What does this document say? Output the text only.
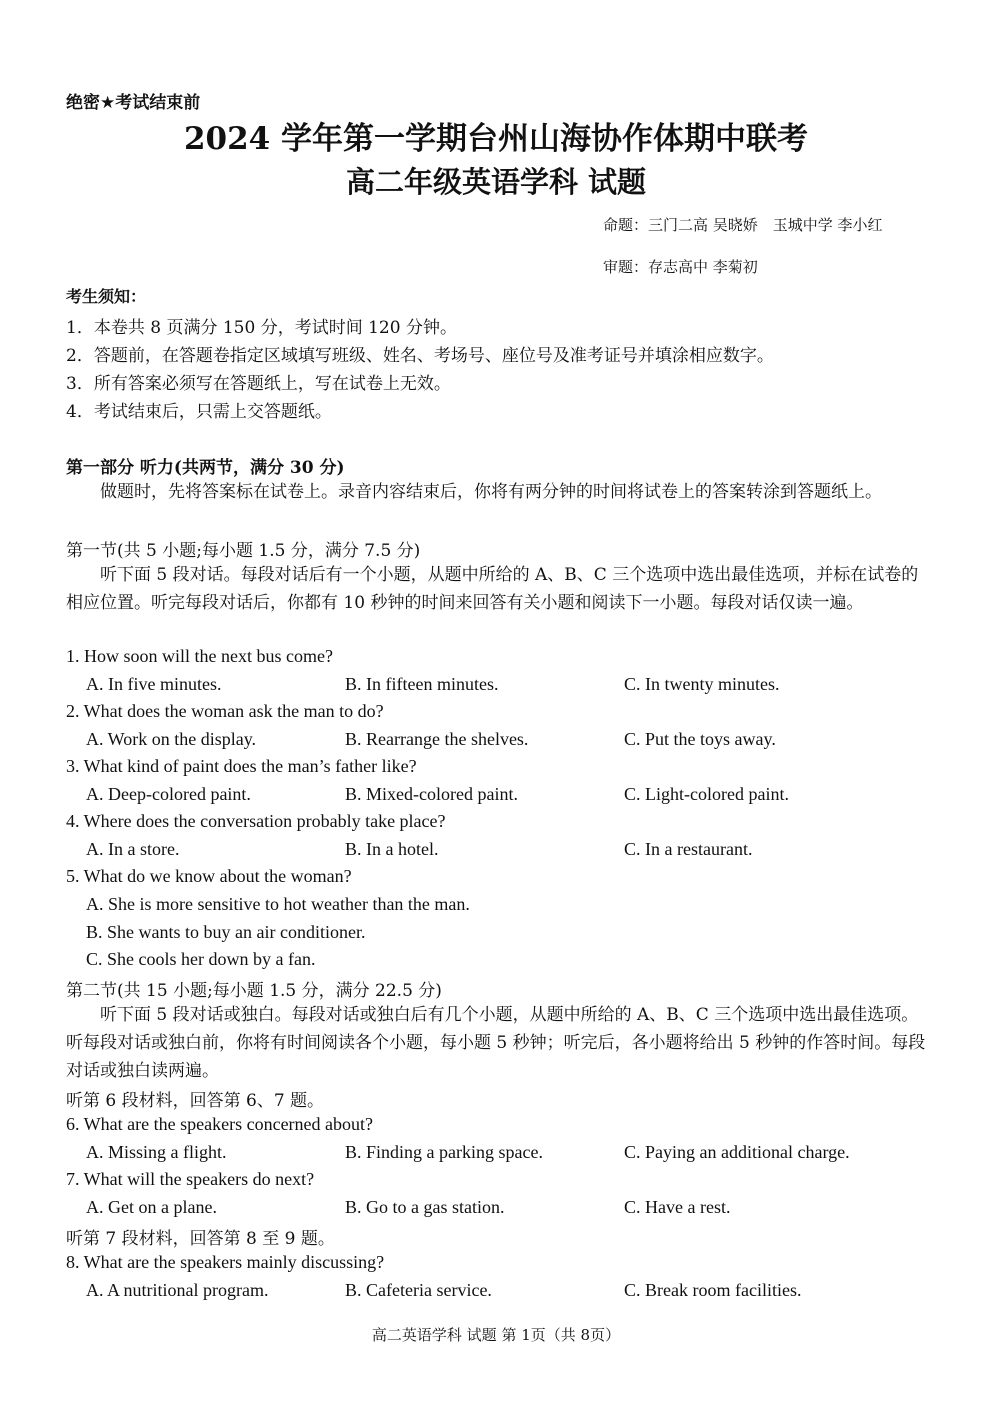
绝密★考试结束前
2024 学年第一学期台州山海协作体期中联考
高二年级英语学科 试题
命题：三门二高 吴晓娇　玉城中学 李小红
审题：存志高中 李菊初
考生须知：
1．本卷共 8 页满分 150 分，考试时间 120 分钟。
2．答题前，在答题卷指定区域填写班级、姓名、考场号、座位号及准考证号并填涂相应数字。
3．所有答案必须写在答题纸上，写在试卷上无效。
4．考试结束后，只需上交答题纸。
第一部分 听力(共两节，满分 30 分)
做题时，先将答案标在试卷上。录音内容结束后，你将有两分钟的时间将试卷上的答案转涂到答题纸上。
第一节(共 5 小题;每小题 1.5 分，满分 7.5 分)
听下面 5 段对话。每段对话后有一个小题，从题中所给的 A、B、C 三个选项中选出最佳选项，并标在试卷的相应位置。听完每段对话后，你都有 10 秒钟的时间来回答有关小题和阅读下一小题。每段对话仅读一遍。
1. How soon will the next bus come?
A. In five minutes.	B. In fifteen minutes.	C. In twenty minutes.
2. What does the woman ask the man to do?
A. Work on the display.	B. Rearrange the shelves.	C. Put the toys away.
3. What kind of paint does the man’s father like?
A. Deep-colored paint.	B. Mixed-colored paint.	C. Light-colored paint.
4. Where does the conversation probably take place?
A. In a store.	B. In a hotel.	C. In a restaurant.
5. What do we know about the woman?
A. She is more sensitive to hot weather than the man.
B. She wants to buy an air conditioner.
C. She cools her down by a fan.
第二节(共 15 小题;每小题 1.5 分，满分 22.5 分)
听下面 5 段对话或独白。每段对话或独白后有几个小题，从题中所给的 A、B、C 三个选项中选出最佳选项。听每段对话或独白前，你将有时间阅读各个小题，每小题 5 秒钟；听完后，各小题将给出 5 秒钟的作答时间。每段对话或独白读两遍。
听第 6 段材料，回答第 6、7 题。
6. What are the speakers concerned about?
A. Missing a flight.	B. Finding a parking space.	C. Paying an additional charge.
7. What will the speakers do next?
A. Get on a plane.	B. Go to a gas station.	C. Have a rest.
听第 7 段材料，回答第 8 至 9 题。
8. What are the speakers mainly discussing?
A. A nutritional program.	B. Cafeteria service.	C. Break room facilities.
高二英语学科 试题 第 1页（共 8页）
